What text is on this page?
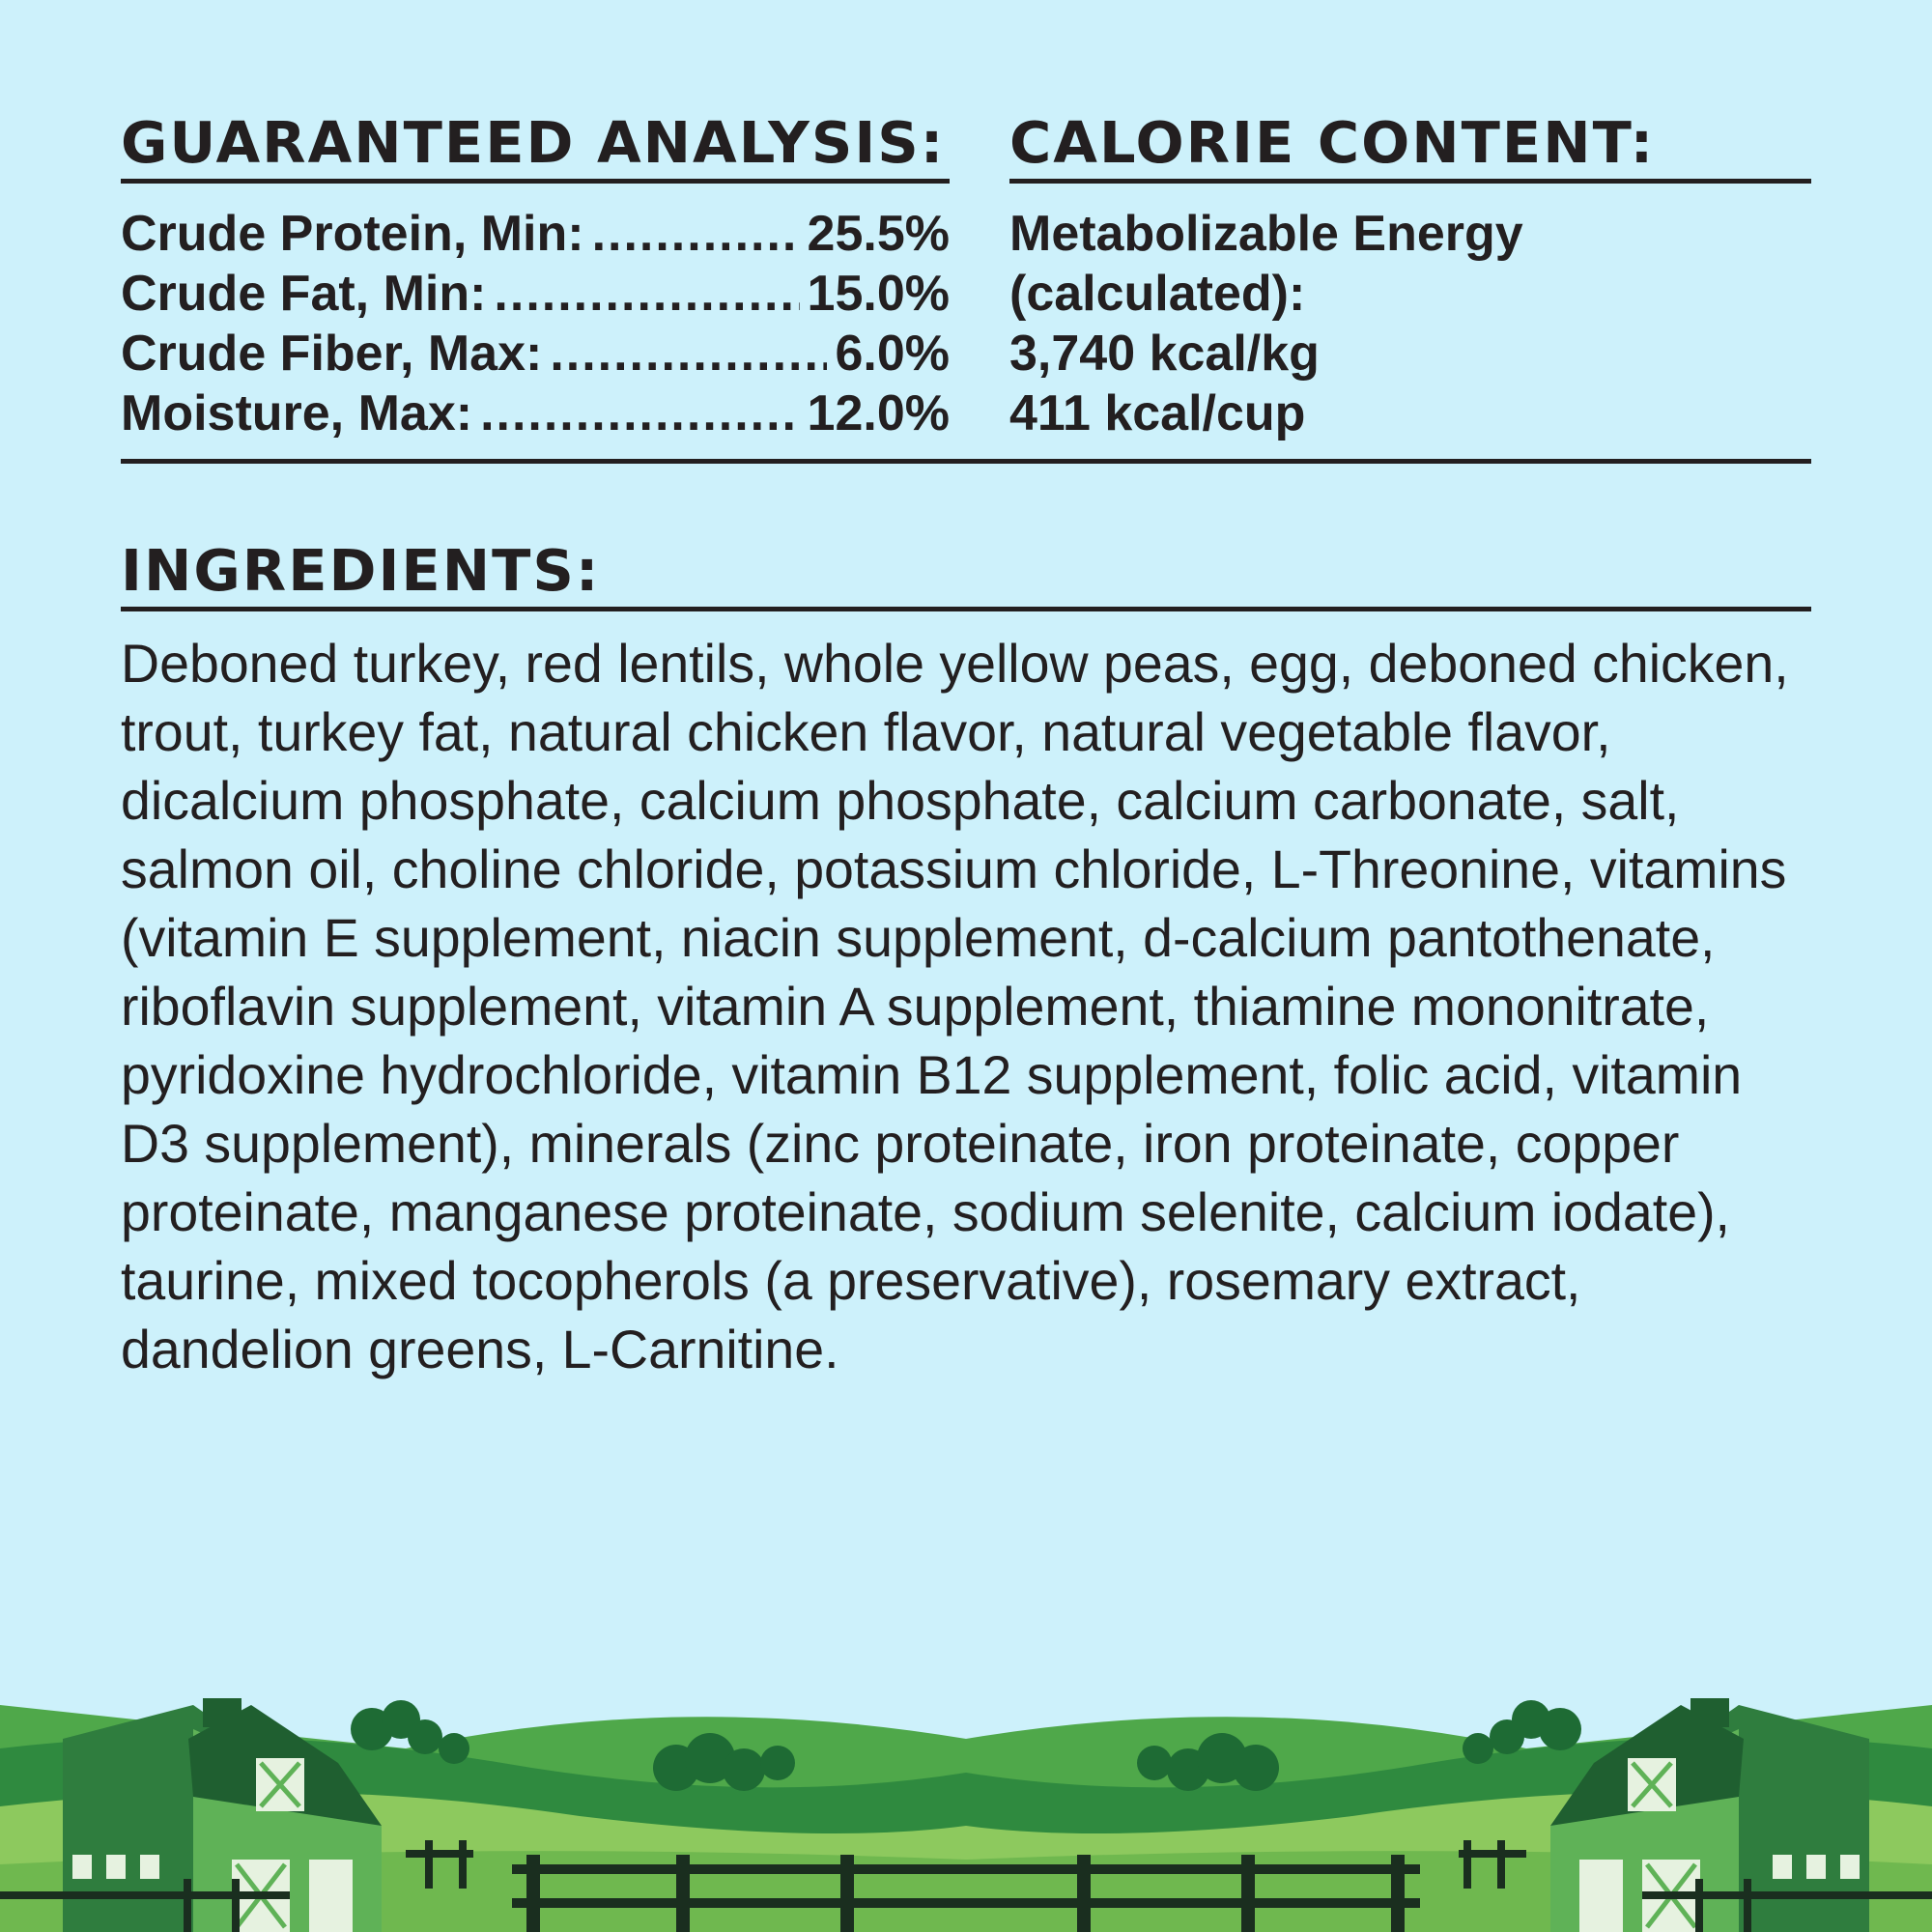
GUARANTEED ANALYSIS:
Crude Protein, Min: .....	25.5%
Crude Fat, Min: .....	15.0%
Crude Fiber, Max: .....	6.0%
Moisture, Max: .....	12.0%
CALORIE CONTENT:
Metabolizable Energy
(calculated):
3,740 kcal/kg
411 kcal/cup
INGREDIENTS:

Deboned turkey, red lentils, whole yellow peas, egg, deboned chicken, trout, turkey fat, natural chicken flavor, natural vegetable flavor, dicalcium phosphate, calcium phosphate, calcium carbonate, salt, salmon oil, choline chloride, potassium chloride, L-Threonine, vitamins (vitamin E supplement, niacin supplement, d-calcium pantothenate, riboflavin supplement, vitamin A supplement, thiamine mononitrate, pyridoxine hydrochloride, vitamin B12 supplement, folic acid, vitamin D3 supplement), minerals (zinc proteinate, iron proteinate, copper proteinate, manganese proteinate, sodium selenite, calcium iodate), taurine, mixed tocopherols (a preservative), rosemary extract, dandelion greens, L-Carnitine.
